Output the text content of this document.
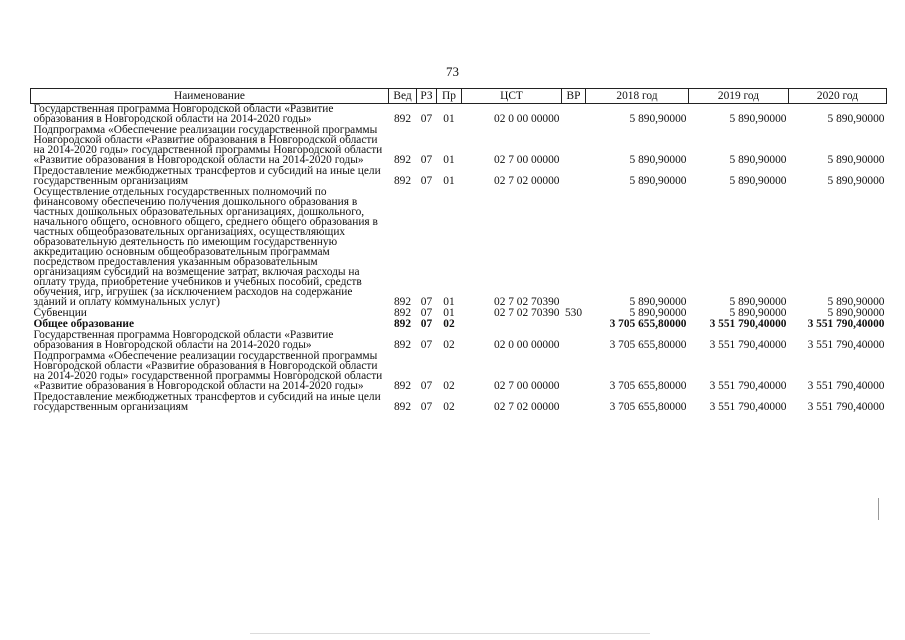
73
Наименование	Вед	РЗ	Пр	ЦСТ	ВР	2018 год	2019 год	2020 год
Государственная программа Новгородской области «Развитие образования в Новгородской области на 2014-2020 годы»	892	07	01	02 0 00 00000		5 890,90000	5 890,90000	5 890,90000
Подпрограмма «Обеспечение реализации государственной программы Новгородской области «Развитие образования в Новгородской области на 2014-2020 годы» государственной программы Новгородской области «Развитие образования в Новгородской области на 2014-2020 годы»	892	07	01	02 7 00 00000		5 890,90000	5 890,90000	5 890,90000
Предоставление межбюджетных трансфертов и субсидий на иные цели государственным организациям	892	07	01	02 7 02 00000		5 890,90000	5 890,90000	5 890,90000
Осуществление отдельных государственных полномочий по финансовому обеспечению получения дошкольного образования в частных дошкольных образовательных организациях, дошкольного, начального общего, основного общего, среднего общего образования в частных общеобразовательных организациях, осуществляющих образовательную деятельность по имеющим государственную аккредитацию основным общеобразовательным программам посредством предоставления указанным образовательным организациям субсидий на возмещение затрат, включая расходы на оплату труда, приобретение учебников и учебных пособий, средств обучения, игр, игрушек (за исключением расходов на содержание зданий и оплату коммунальных услуг)	892	07	01	02 7 02 70390		5 890,90000	5 890,90000	5 890,90000
Субвенции	892	07	01	02 7 02 70390	530	5 890,90000	5 890,90000	5 890,90000
Общее образование	892	07	02			3 705 655,80000	3 551 790,40000	3 551 790,40000
Государственная программа Новгородской области «Развитие образования в Новгородской области на 2014-2020 годы»	892	07	02	02 0 00 00000		3 705 655,80000	3 551 790,40000	3 551 790,40000
Подпрограмма «Обеспечение реализации государственной программы Новгородской области «Развитие образования в Новгородской области на 2014-2020 годы» государственной программы Новгородской области «Развитие образования в Новгородской области на 2014-2020 годы»	892	07	02	02 7 00 00000		3 705 655,80000	3 551 790,40000	3 551 790,40000
Предоставление межбюджетных трансфертов и субсидий на иные цели государственным организациям	892	07	02	02 7 02 00000		3 705 655,80000	3 551 790,40000	3 551 790,40000
